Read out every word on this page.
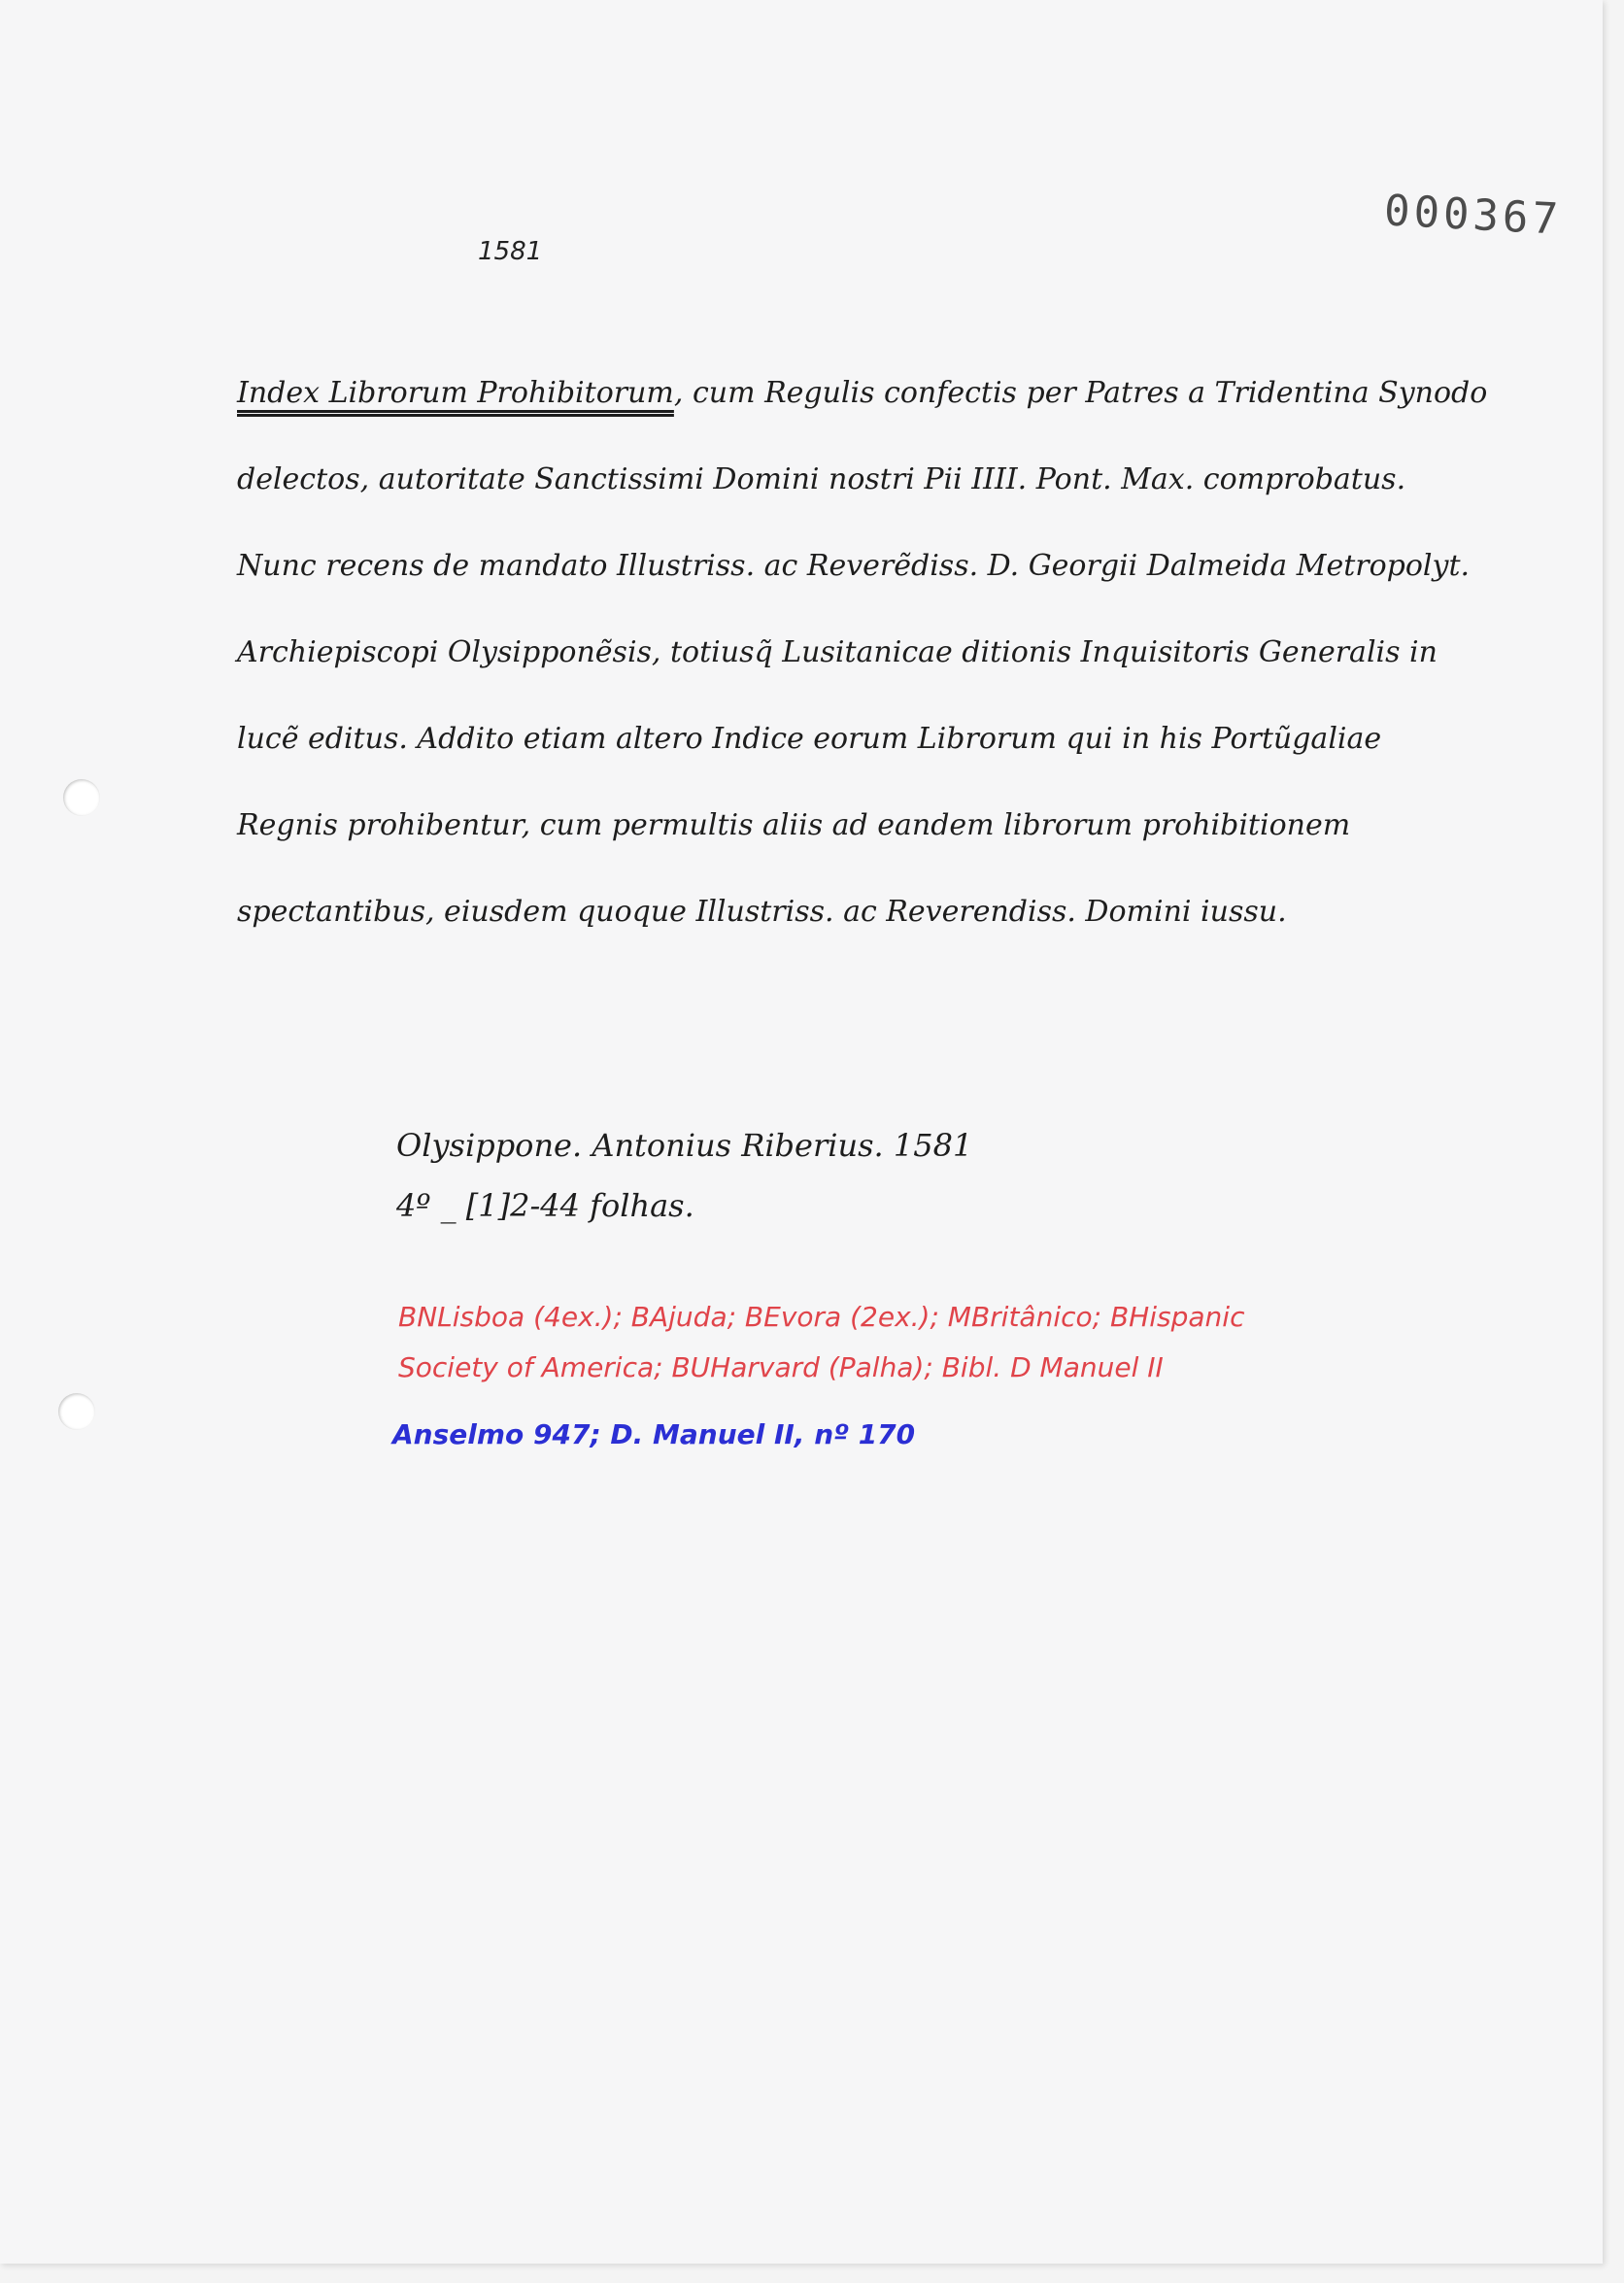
000367
1581
Index Librorum Prohibitorum, cum Regulis confectis per Patres a Tridentina Synodo delectos, autoritate Sanctissimi Domini nostri Pii IIII. Pont. Max. comprobatus. Nunc recens de mandato Illustriss. ac Reverẽdiss. D. Georgii Dalmeida Metropolyt. Archiepiscopi Olysipponẽsis, totiusq̃ Lusitanicae ditionis Inquisitoris Generalis in lucẽ editus. Addito etiam altero Indice eorum Librorum qui in his Portũgaliae Regnis prohibentur, cum permultis aliis ad eandem librorum prohibitionem spectantibus, eiusdem quoque Illustriss. ac Reverendiss. Domini iussu.
Olysippone. Antonius Riberius. 1581
4º _ [1]2-44 folhas.
BNLisboa (4ex.); BAjuda; BEvora (2ex.); MBritânico; BHispanic
Society of America; BUHarvard (Palha); Bibl. D Manuel II
Anselmo 947; D. Manuel II, nº 170
